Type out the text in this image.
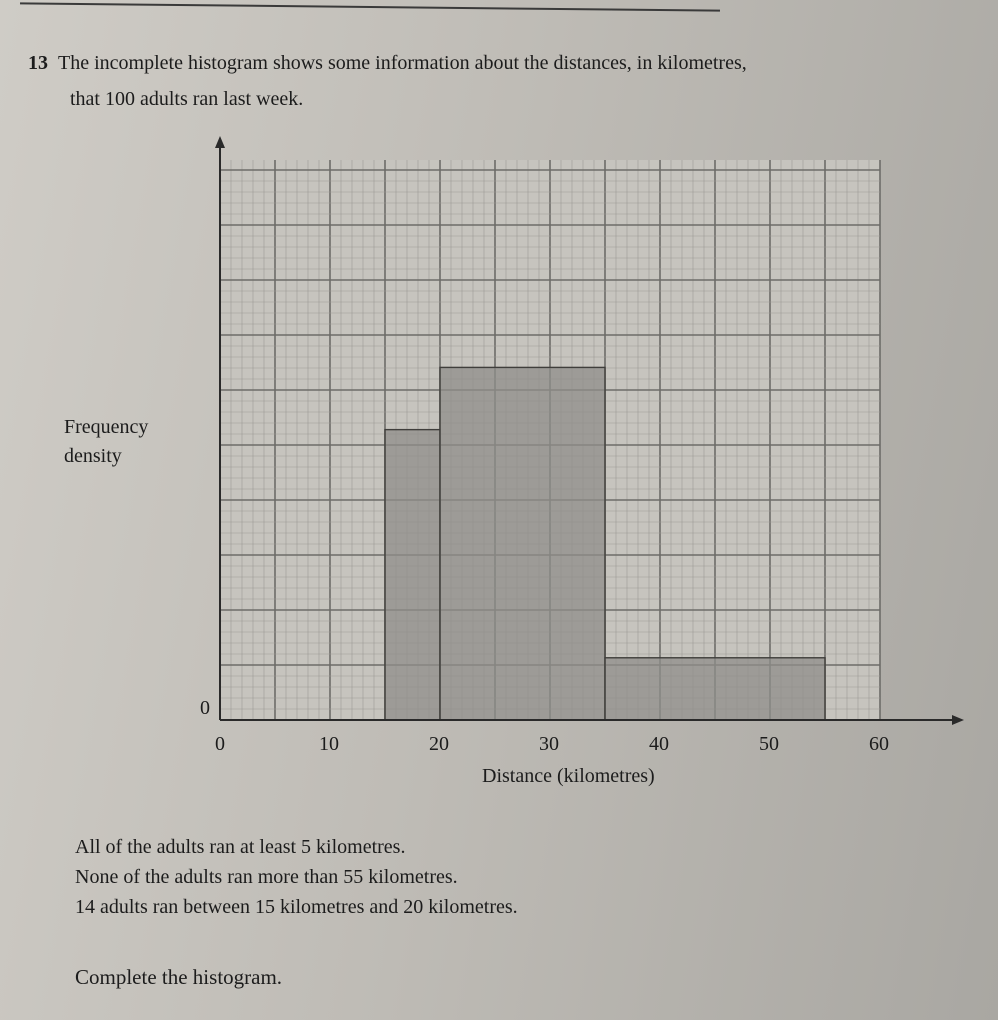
13 The incomplete histogram shows some information about the distances, in kilometres,
that 100 adults ran last week.
Frequency
density
Distance (kilometres)
0	10	20	30	40	50	60
0
All of the adults ran at least 5 kilometres.
None of the adults ran more than 55 kilometres.
14 adults ran between 15 kilometres and 20 kilometres.
Complete the histogram.
